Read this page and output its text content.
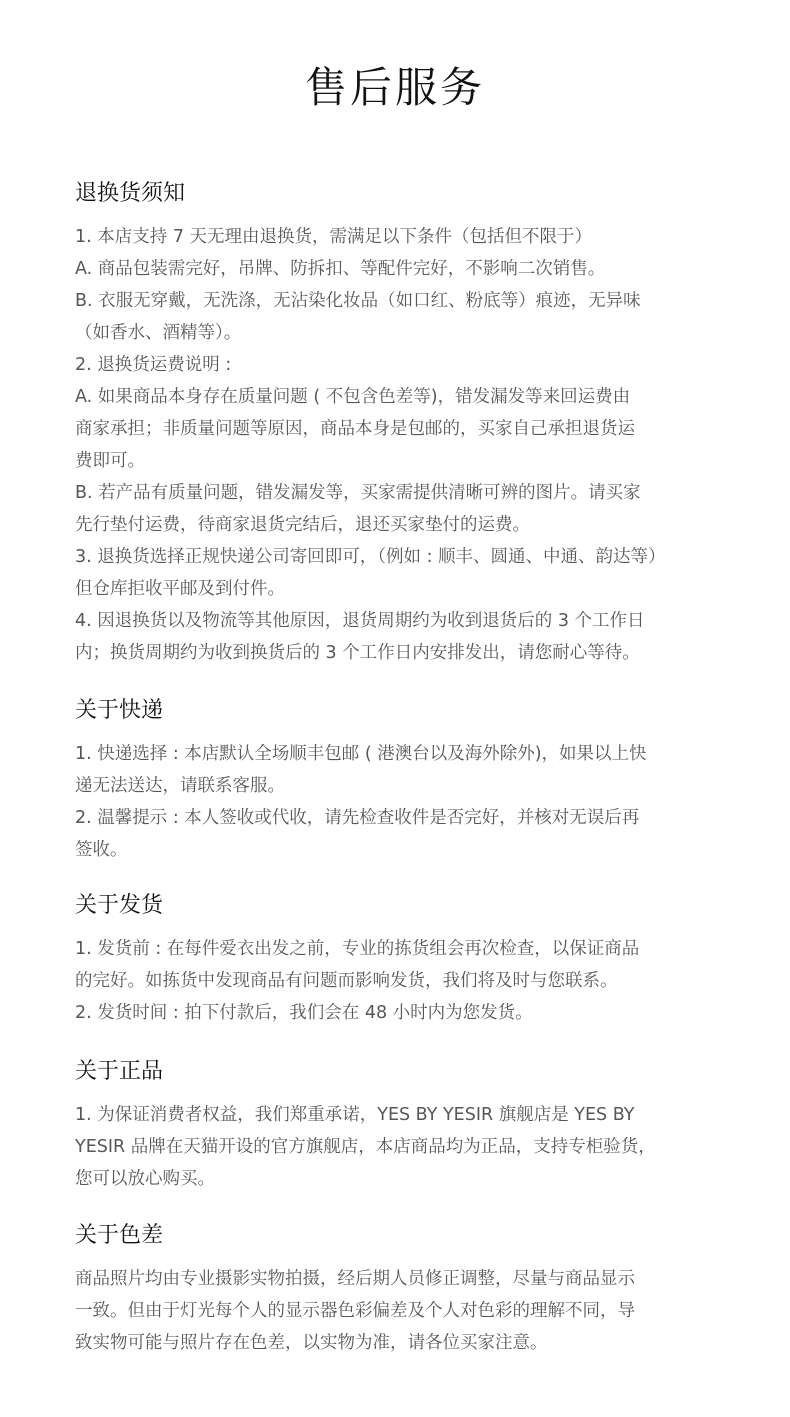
售后服务
退换货须知

1. 本店支持 7 天无理由退换货，需满足以下条件（包括但不限于）
A. 商品包装需完好，吊牌、防拆扣、等配件完好，不影响二次销售。
B. 衣服无穿戴，无洗涤，无沾染化妆品（如口红、粉底等）痕迹，无异味
（如香水、酒精等）。
2. 退换货运费说明 :
A. 如果商品本身存在质量问题 ( 不包含色差等)，错发漏发等来回运费由
商家承担；非质量问题等原因，商品本身是包邮的，买家自己承担退货运
费即可。
B. 若产品有质量问题，错发漏发等，买家需提供清晰可辨的图片。请买家
先行垫付运费，待商家退货完结后，退还买家垫付的运费。
3. 退换货选择正规快递公司寄回即可，（例如 : 顺丰、圆通、中通、韵达等）
但仓库拒收平邮及到付件。
4. 因退换货以及物流等其他原因，退货周期约为收到退货后的 3 个工作日
内；换货周期约为收到换货后的 3 个工作日内安排发出，请您耐心等待。

关于快递

1. 快递选择 : 本店默认全场顺丰包邮 ( 港澳台以及海外除外)，如果以上快
递无法送达，请联系客服。
2. 温馨提示 : 本人签收或代收，请先检查收件是否完好，并核对无误后再
签收。

关于发货

1. 发货前 : 在每件爱衣出发之前，专业的拣货组会再次检查，以保证商品
的完好。如拣货中发现商品有问题而影响发货，我们将及时与您联系。
2. 发货时间 : 拍下付款后，我们会在 48 小时内为您发货。

关于正品

1. 为保证消费者权益，我们郑重承诺，YES BY YESIR 旗舰店是 YES BY
YESIR 品牌在天猫开设的官方旗舰店，本店商品均为正品，支持专柜验货，
您可以放心购买。

关于色差

商品照片均由专业摄影实物拍摄，经后期人员修正调整，尽量与商品显示
一致。但由于灯光每个人的显示器色彩偏差及个人对色彩的理解不同，导
致实物可能与照片存在色差，以实物为准，请各位买家注意。
